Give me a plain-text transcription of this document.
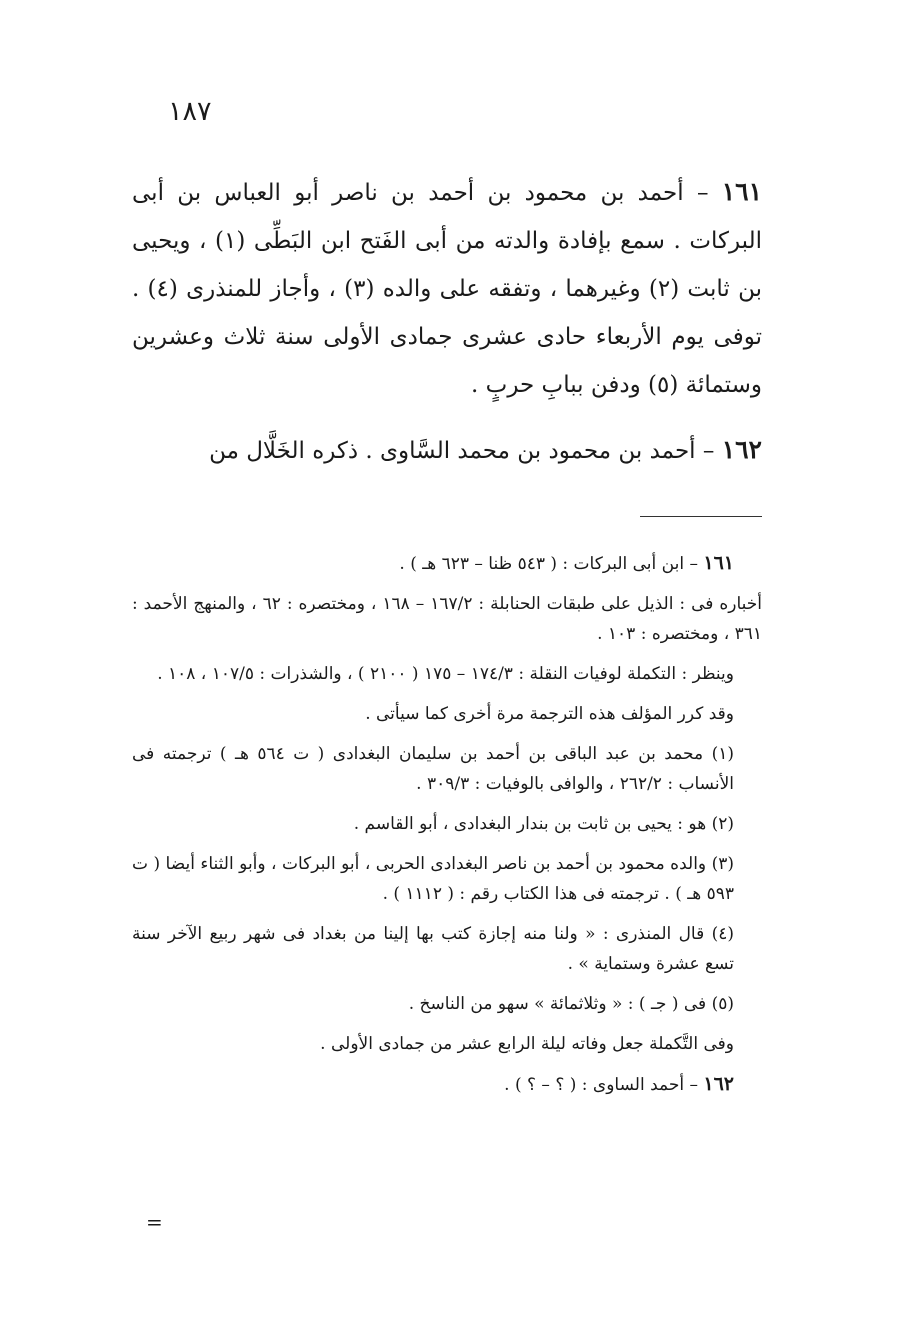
١٨٧

١٦١ – أحمد بن محمود بن أحمد بن ناصر أبو العباس بن أبى البركات . سمع بإفادة والدته من أبى الفَتح ابن البَطِّى (١) ، ويحيى بن ثابت (٢) وغيرهما ، وتفقه على والده (٣) ، وأجاز للمنذرى (٤) . توفى يوم الأربعاء حادى عشرى جمادى الأولى سنة ثلاث وعشرين وستمائة (٥) ودفن ببابِ حربٍ .

١٦٢ – أحمد بن محمود بن محمد السَّاوى . ذكره الخَلَّال من

١٦١ – ابن أبى البركات : ( ٥٤٣ ظنا – ٦٢٣ هـ ) .

أخباره فى : الذيل على طبقات الحنابلة : ١٦٧/٢ – ١٦٨ ، ومختصره : ٦٢ ، والمنهج الأحمد : ٣٦١ ، ومختصره : ١٠٣ .

وينظر : التكملة لوفيات النقلة : ١٧٤/٣ – ١٧٥ ( ٢١٠٠ ) ، والشذرات : ١٠٧/٥ ، ١٠٨ .

وقد كرر المؤلف هذه الترجمة مرة أخرى كما سيأتى .

(١) محمد بن عبد الباقى بن أحمد بن سليمان البغدادى ( ت ٥٦٤ هـ ) ترجمته فى الأنساب : ٢٦٢/٢ ، والوافى بالوفيات : ٣٠٩/٣ .

(٢) هو : يحيى بن ثابت بن بندار البغدادى ، أبو القاسم .

(٣) والده محمود بن أحمد بن ناصر البغدادى الحربى ، أبو البركات ، وأبو الثناء أيضا ( ت ٥٩٣ هـ ) . ترجمته فى هذا الكتاب رقم : ( ١١١٢ ) .

(٤) قال المنذرى : « ولنا منه إجازة كتب بها إلينا من بغداد فى شهر ربيع الآخر سنة تسع عشرة وستماية » .

(٥) فى ( جـ ) : « وثلاثمائة » سهو من الناسخ .

وفى التَّكملة جعل وفاته ليلة الرابع عشر من جمادى الأولى .

١٦٢ – أحمد الساوى : ( ؟ – ؟ ) .

=
